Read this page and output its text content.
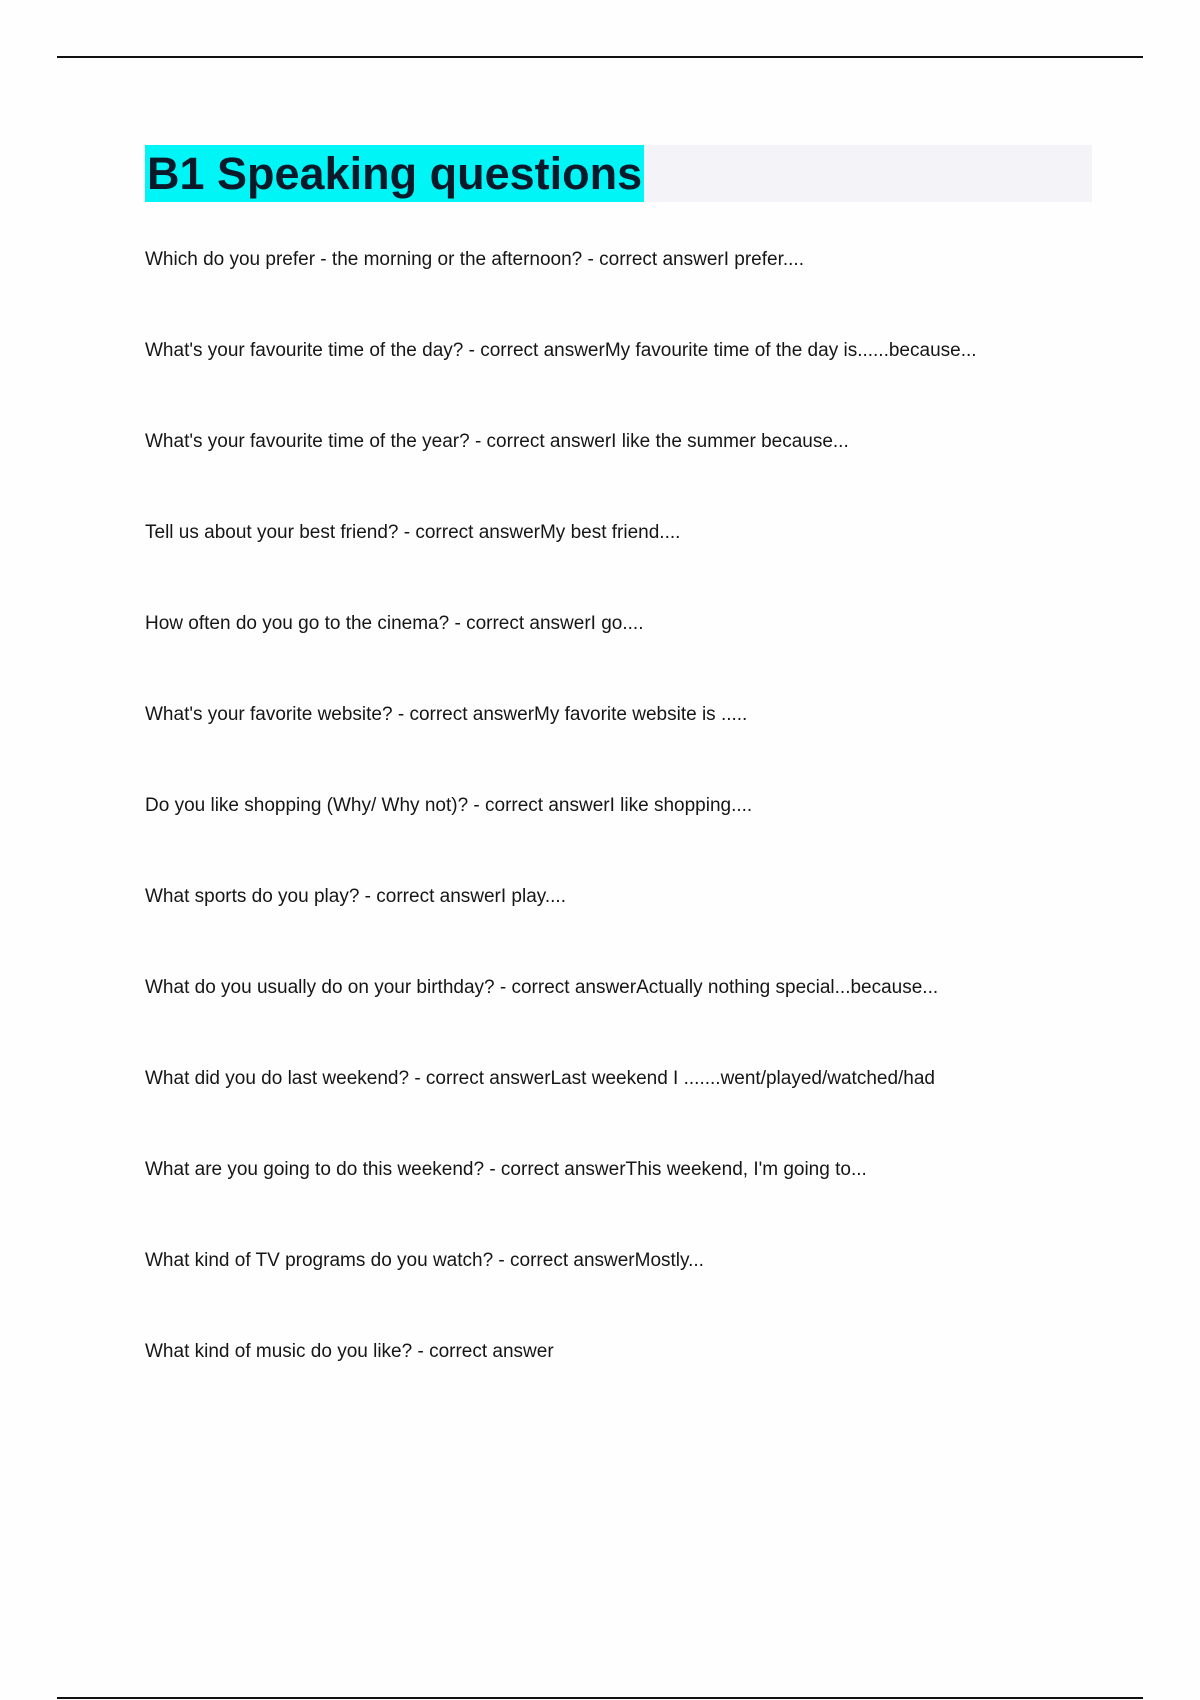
B1 Speaking questions
Which do you prefer - the morning or the afternoon? - correct answerI prefer....
What's your favourite time of the day? - correct answerMy favourite time of the day is......because...
What's your favourite time of the year? - correct answerI like the summer because...
Tell us about your best friend? - correct answerMy best friend....
How often do you go to the cinema? - correct answerI go....
What's your favorite website? - correct answerMy favorite website is .....
Do you like shopping (Why/ Why not)? - correct answerI like shopping....
What sports do you play? - correct answerI play....
What do you usually do on your birthday? - correct answerActually nothing special...because...
What did you do last weekend? - correct answerLast weekend I .......went/played/watched/had
What are you going to do this weekend? - correct answerThis weekend, I'm going to...
What kind of TV programs do you watch? - correct answerMostly...
What kind of music do you like? - correct answer
